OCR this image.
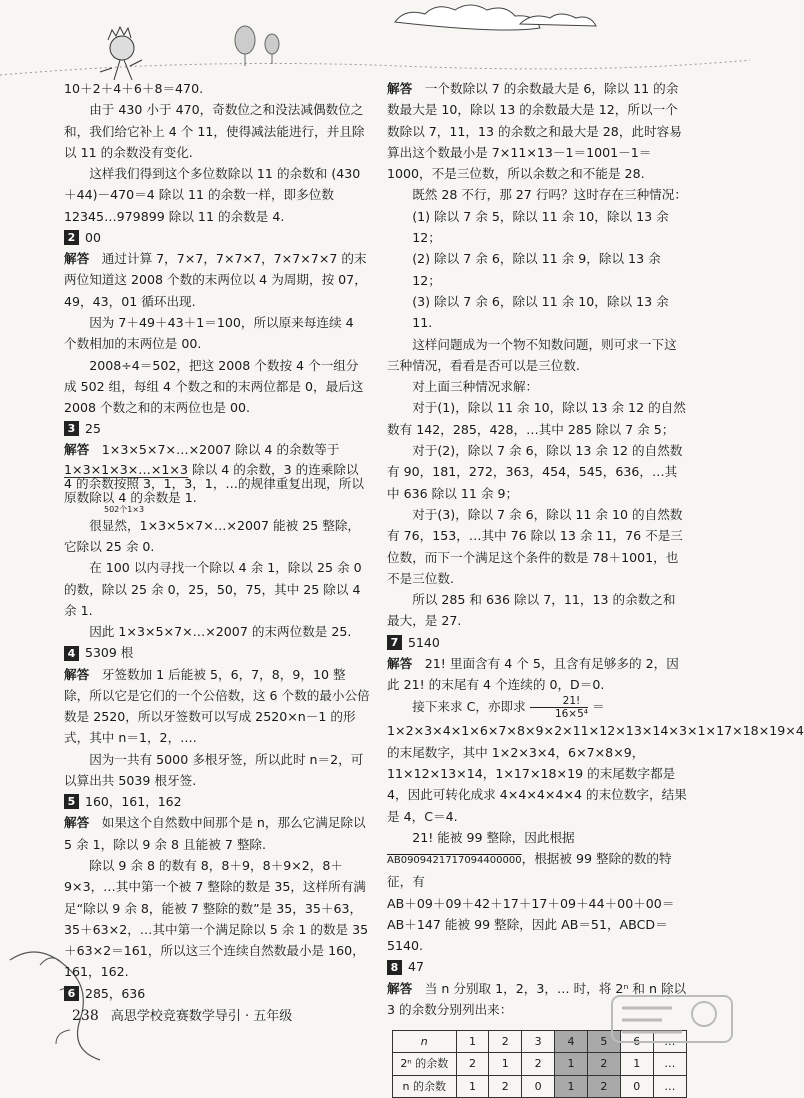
10＋2＋4＋6＋8＝470.

由于 430 小于 470，奇数位之和没法减偶数位之和，我们给它补上 4 个 11，使得减法能进行，并且除以 11 的余数没有变化.

这样我们得到这个多位数除以 11 的余数和 (430＋44)－470＝4 除以 11 的余数一样，即多位数 12345…979899 除以 11 的余数是 4.

2 00

解答　 通过计算 7，7×7，7×7×7，7×7×7×7 的末两位知道这 2008 个数的末两位以 4 为周期，按 07，49，43，01 循环出现.

因为 7＋49＋43＋1＝100，所以原来每连续 4 个数相加的末两位是 00.

2008÷4＝502，把这 2008 个数按 4 个一组分成 502 组，每组 4 个数之和的末两位都是 0，最后这 2008 个数之和的末两位也是 00.

3 25

解答　 1×3×5×7×…×2007 除以 4 的余数等于

1×3×1×3×…×1×3 除以 4 的余数，3 的连乘除以 4 的余数按照 3，1，3，1，…的规律重复出现，所以原数除以 4 的余数是 1.

502个1×3

很显然，1×3×5×7×…×2007 能被 25 整除，它除以 25 余 0.

在 100 以内寻找一个除以 4 余 1，除以 25 余 0 的数，除以 25 余 0，25，50，75，其中 25 除以 4 余 1.

因此 1×3×5×7×…×2007 的末两位数是 25.

4 5309 根

解答　 牙签数加 1 后能被 5，6，7，8，9，10 整除，所以它是它们的一个公倍数，这 6 个数的最小公倍数是 2520，所以牙签数可以写成 2520×n－1 的形式，其中 n＝1，2，….

因为一共有 5000 多根牙签，所以此时 n＝2，可以算出共 5039 根牙签.

5 160，161，162

解答　 如果这个自然数中间那个是 n，那么它满足除以 5 余 1，除以 9 余 8 且能被 7 整除.

除以 9 余 8 的数有 8，8＋9，8＋9×2，8＋9×3，…其中第一个被 7 整除的数是 35，这样所有满足“除以 9 余 8，能被 7 整除的数”是 35，35＋63，35＋63×2，…其中第一个满足除以 5 余 1 的数是 35＋63×2＝161，所以这三个连续自然数最小是 160，161，162.

6 285，636

解答　 一个数除以 7 的余数最大是 6，除以 11 的余数最大是 10，除以 13 的余数最大是 12，所以一个数除以 7，11，13 的余数之和最大是 28，此时容易算出这个数最小是 7×11×13－1＝1001－1＝1000，不是三位数，所以余数之和不能是 28.

既然 28 不行，那 27 行吗？这时存在三种情况：

(1) 除以 7 余 5，除以 11 余 10，除以 13 余 12；

(2) 除以 7 余 6，除以 11 余 9，除以 13 余 12；

(3) 除以 7 余 6，除以 11 余 10，除以 13 余 11.

这样问题成为一个物不知数问题，则可求一下这三种情况，看看是否可以是三位数.

对上面三种情况求解：

对于(1)，除以 11 余 10，除以 13 余 12 的自然数有 142，285，428，…其中 285 除以 7 余 5；

对于(2)，除以 7 余 6，除以 13 余 12 的自然数有 90，181，272，363，454，545，636，…其中 636 除以 11 余 9；

对于(3)，除以 7 余 6，除以 11 余 10 的自然数有 76，153，…其中 76 除以 13 余 11，76 不是三位数，而下一个满足这个条件的数是 78＋1001，也不是三位数.

所以 285 和 636 除以 7，11，13 的余数之和最大，是 27.

7 5140

解答　 21! 里面含有 4 个 5，且含有足够多的 2，因此 21! 的末尾有 4 个连续的 0，D＝0.

接下来求 C，亦即求 $\frac{21!}{\text{16×5⁴}} =1\times 2\times 3\times 4\times 1\times 6\times 7\times 8\times 9\times 2\times 11\times 12\times 13\times 14\times 3\times 1\times 17\times 18\times 19\times 4$ 的末尾数字，其中 1×2×3×4，6×7×8×9，11×12×13×14，1×17×18×19 的末尾数字都是 4，因此可转化成求 4×4×4×4×4 的末位数字，结果是 4，C＝4.

21! 能被 99 整除，因此根据 AB0909421717094400000，根据被 99 整除的数的特征，有

AB＋09＋09＋42＋17＋17＋09＋44＋00＋00＝AB＋147 能被 99 整除，因此 AB＝51，ABCD＝5140.

8 47

解答　 当 n 分别取 1，2，3，… 时，将 2ⁿ 和 n 除以 3 的余数分别列出来：

n	1	2	3	4	5	6	…
2ⁿ 的余数	2	1	2	1	2	1	…
n 的余数	1	2	0	1	2	0	…
238 高思学校竞赛数学导引 · 五年级
